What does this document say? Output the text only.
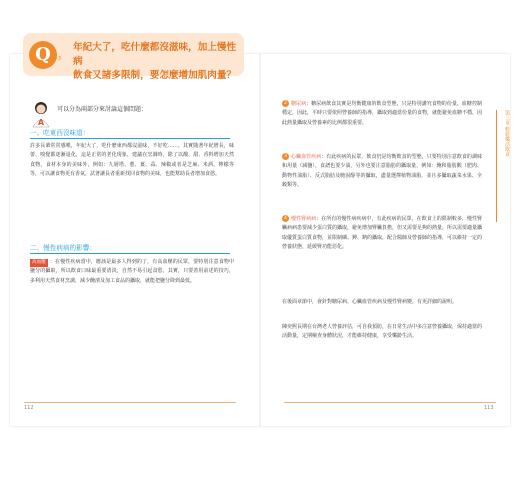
Q 3-3
年紀大了，吃什麼都沒滋味，加上慢性病
飲食又諸多限制，要怎麼增加肌肉量？
A
可以分為兩部分來討論這個問題：
一、吃東西沒味道：
許多長輩常常感嘆，年紀大了，吃什麼東西都沒滋味，不好吃……，其實隨著年紀增長，味蕾、嗅覺都逐漸退化，這是正常的老化現象，建議在烹調時，除了以酸、甜、香料增加天然食物、食材本身的美味外，例如：九層塔、蔥、薑、蒜、辣椒或者是芝麻、米酒、檸檬等等，可以讓食物更有香氣，試著讓長者重新找回食物的美味，也能幫助長者增加食慾。
二、慢性病病的影響：
高血壓 ：在慢性疾病當中，應該是最多人得到的了，有高血壓的民眾，要特別注意食物中鹽分的攝取，所以飲食口味最重要清淡，自然不易引起食慾，其實，只要善用前述的技巧，多利用天然食材烹調，減少醃漬及加工食品的攝取，就能把鹽分降到最低。
112
2 糖尿病：糖尿病飲食其實是均衡健康的飲食型態，只是特別講究食物的份量、血糖控制穩定，因此，平時只要依照營養師的指導，攝取到適當份量的食物，就能避免血糖不穩，因此熱量攝取及營養素的比例都很重要。
3 心臟血管疾病：有此疾病的民眾，飲食仍是均衡飲食的型態，只要特別注意飲食的調味和用量（減鹽），食譜也要少油，另外也要注意脂肪的攝取量，例如：飽和脂肪酸（肥肉、動物性油脂）、反式脂肪及膽固醇等的攝取，盡量選擇植物油脂，並且多攝取蔬菜水果、全穀類等。
4 慢性腎病病：在所有的慢性病疾病中，有此疾病的民眾，在飲食上的限制較多，慢性腎臟病病患要減少蛋白質的攝取，避免增加腎臟負擔，但又需要足夠的熱量，所以需要適量攝取優質蛋白質食物，並限制磷、鉀、鈉的攝取，配合醫師及營養師的指導，可以維持一定的營養狀態，延緩腎功能惡化。
在後面章節中，會針對糖尿病、心臟血管疾病及慢性腎病變，有更詳細的說明。
陳奕熙長期在台灣老人營養評估，可自我預防，在日常生活中多注意營養攝取，保持適當的活動量，定期檢查身體狀況，才能維持健康，享受樂齡生活。
第三章 輕鬆樂活飲食
113
